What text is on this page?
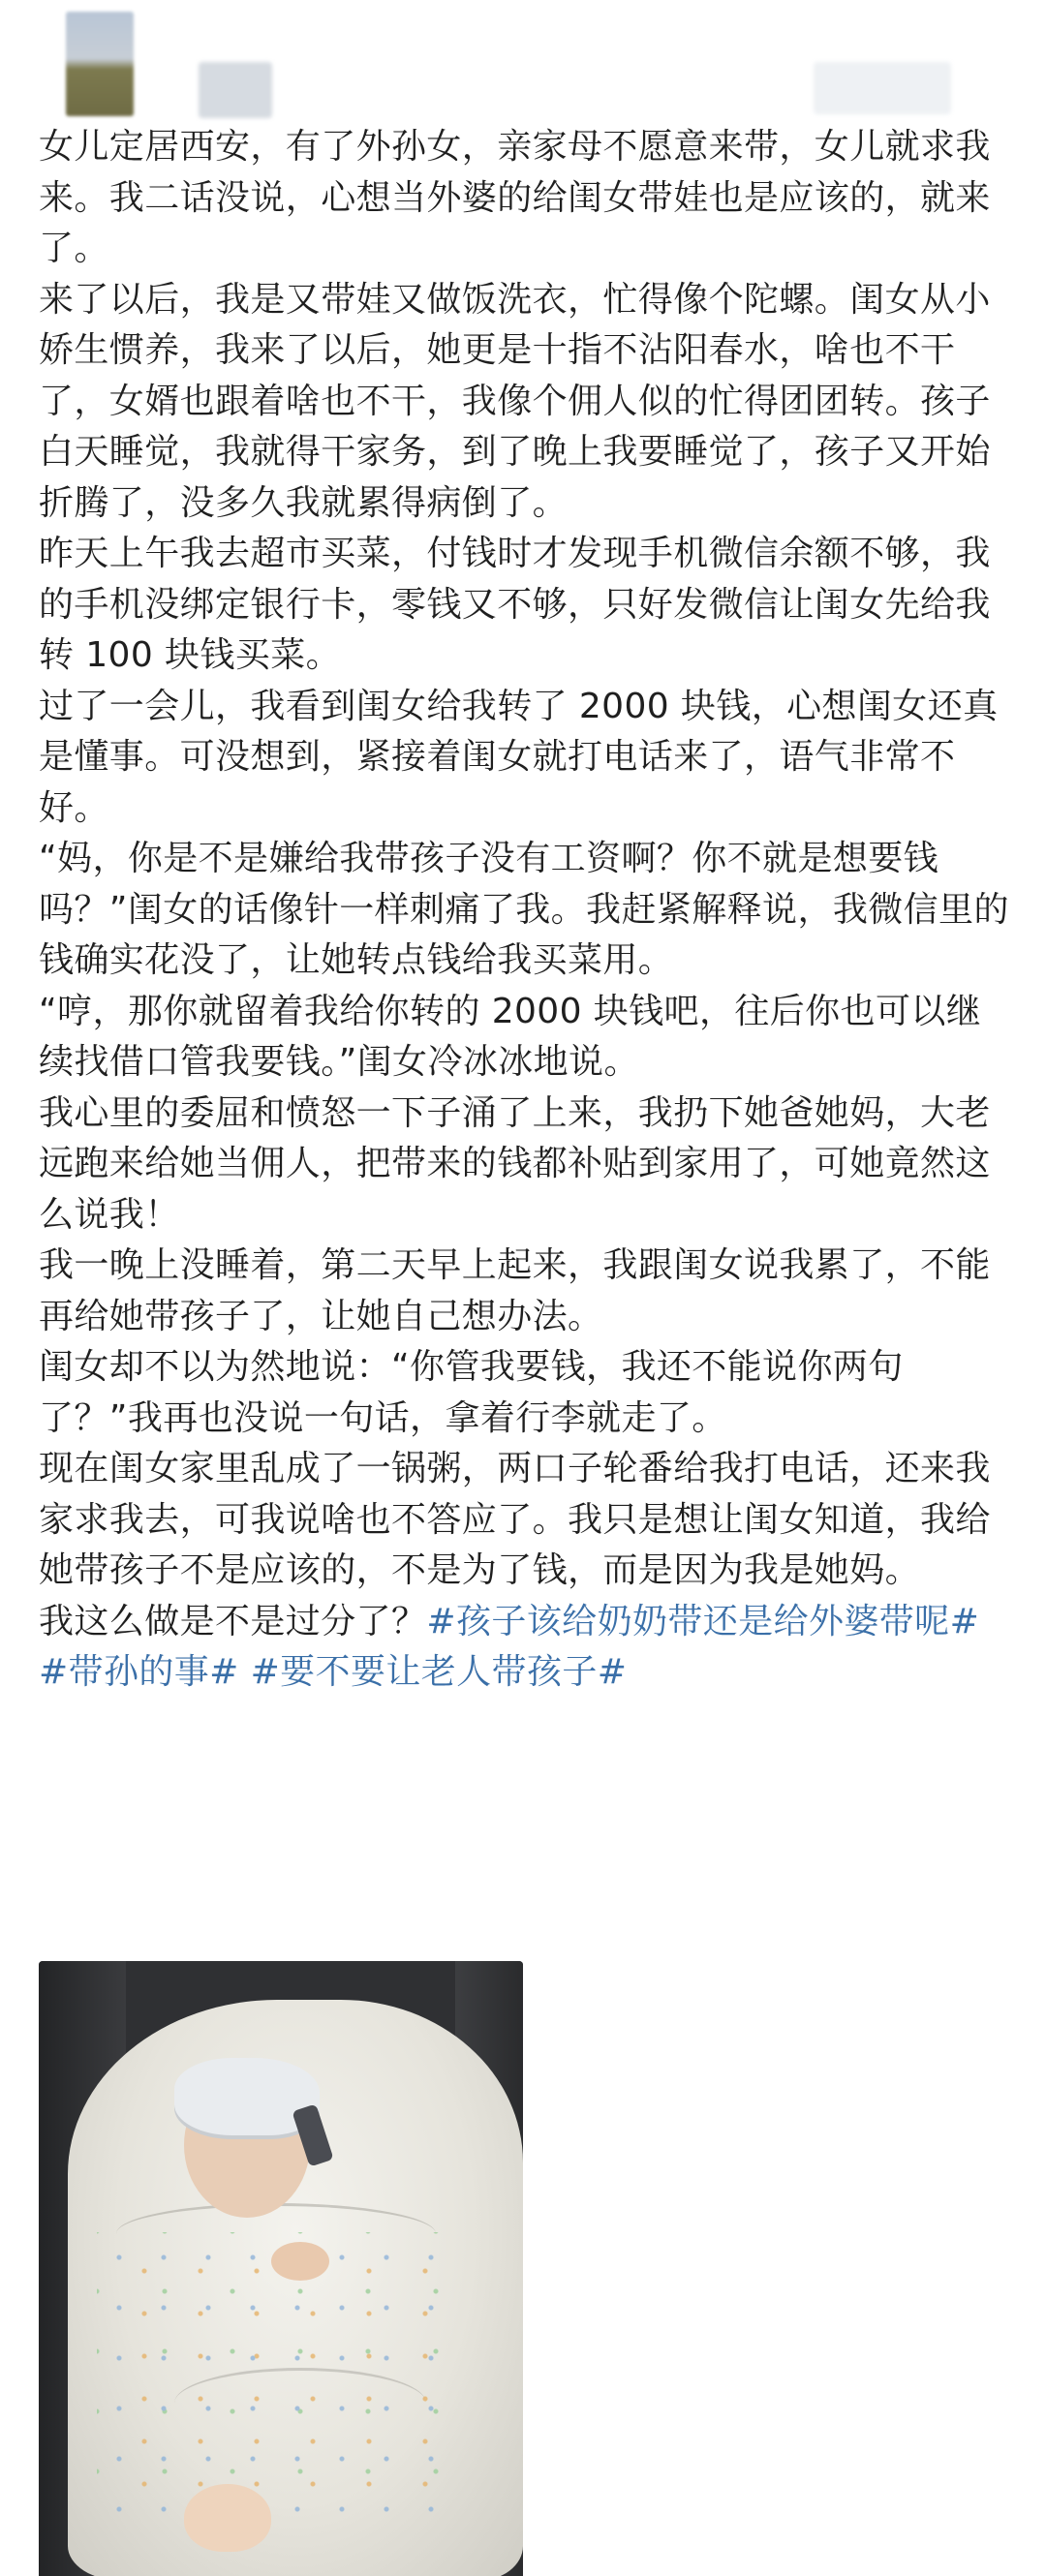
女儿定居西安，有了外孙女，亲家母不愿意来带，女儿就求我来。我二话没说，心想当外婆的给闺女带娃也是应该的，就来了。

来了以后，我是又带娃又做饭洗衣，忙得像个陀螺。闺女从小娇生惯养，我来了以后，她更是十指不沾阳春水，啥也不干了，女婿也跟着啥也不干，我像个佣人似的忙得团团转。孩子白天睡觉，我就得干家务，到了晚上我要睡觉了，孩子又开始折腾了，没多久我就累得病倒了。

昨天上午我去超市买菜，付钱时才发现手机微信余额不够，我的手机没绑定银行卡，零钱又不够，只好发微信让闺女先给我转 100 块钱买菜。

过了一会儿，我看到闺女给我转了 2000 块钱，心想闺女还真是懂事。可没想到，紧接着闺女就打电话来了，语气非常不好。

“妈，你是不是嫌给我带孩子没有工资啊？你不就是想要钱吗？”闺女的话像针一样刺痛了我。我赶紧解释说，我微信里的钱确实花没了，让她转点钱给我买菜用。

“哼，那你就留着我给你转的 2000 块钱吧，往后你也可以继续找借口管我要钱。”闺女冷冰冰地说。

我心里的委屈和愤怒一下子涌了上来，我扔下她爸她妈，大老远跑来给她当佣人，把带来的钱都补贴到家用了，可她竟然这么说我！

我一晚上没睡着，第二天早上起来，我跟闺女说我累了，不能再给她带孩子了，让她自己想办法。

闺女却不以为然地说：“你管我要钱，我还不能说你两句了？”我再也没说一句话，拿着行李就走了。

现在闺女家里乱成了一锅粥，两口子轮番给我打电话，还来我家求我去，可我说啥也不答应了。我只是想让闺女知道，我给她带孩子不是应该的，不是为了钱，而是因为我是她妈。

我这么做是不是过分了？#孩子该给奶奶带还是给外婆带呢# #带孙的事# #要不要让老人带孩子#
